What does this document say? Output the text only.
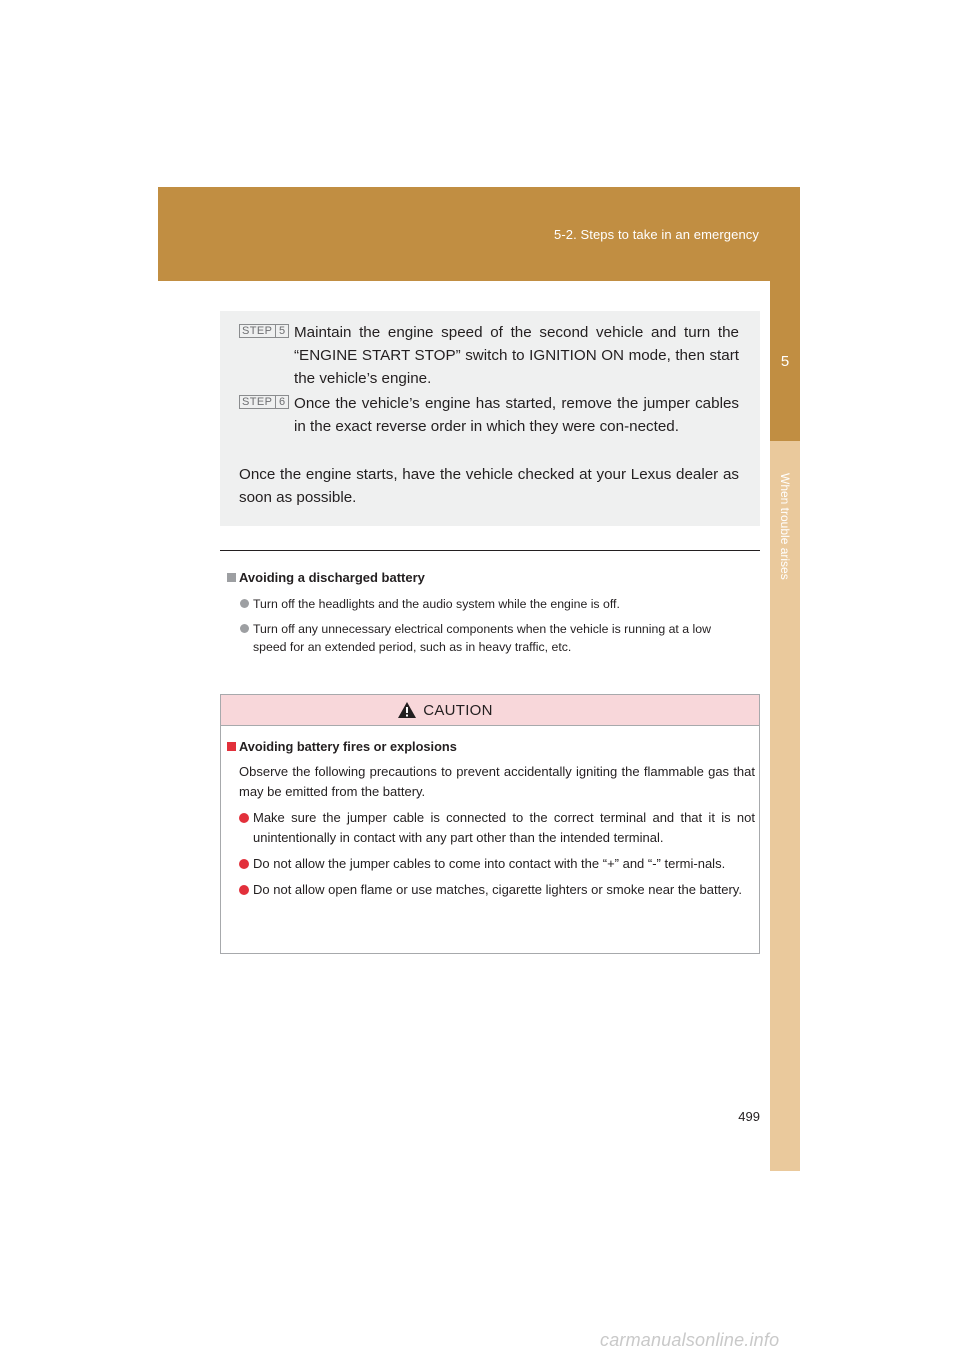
5-2. Steps to take in an emergency
5
When trouble arises
STEP 5 Maintain the engine speed of the second vehicle and turn the “ENGINE START STOP” switch to IGNITION ON mode, then start the vehicle’s engine.
STEP 6 Once the vehicle’s engine has started, remove the jumper cables in the exact reverse order in which they were con-nected.
Once the engine starts, have the vehicle checked at your Lexus dealer as soon as possible.
Avoiding a discharged battery
Turn off the headlights and the audio system while the engine is off.
Turn off any unnecessary electrical components when the vehicle is running at a low speed for an extended period, such as in heavy traffic, etc.
CAUTION
Avoiding battery fires or explosions
Observe the following precautions to prevent accidentally igniting the flammable gas that may be emitted from the battery.
Make sure the jumper cable is connected to the correct terminal and that it is not unintentionally in contact with any part other than the intended terminal.
Do not allow the jumper cables to come into contact with the “+” and “-” termi-nals.
Do not allow open flame or use matches, cigarette lighters or smoke near the battery.
499
carmanualsonline.info
